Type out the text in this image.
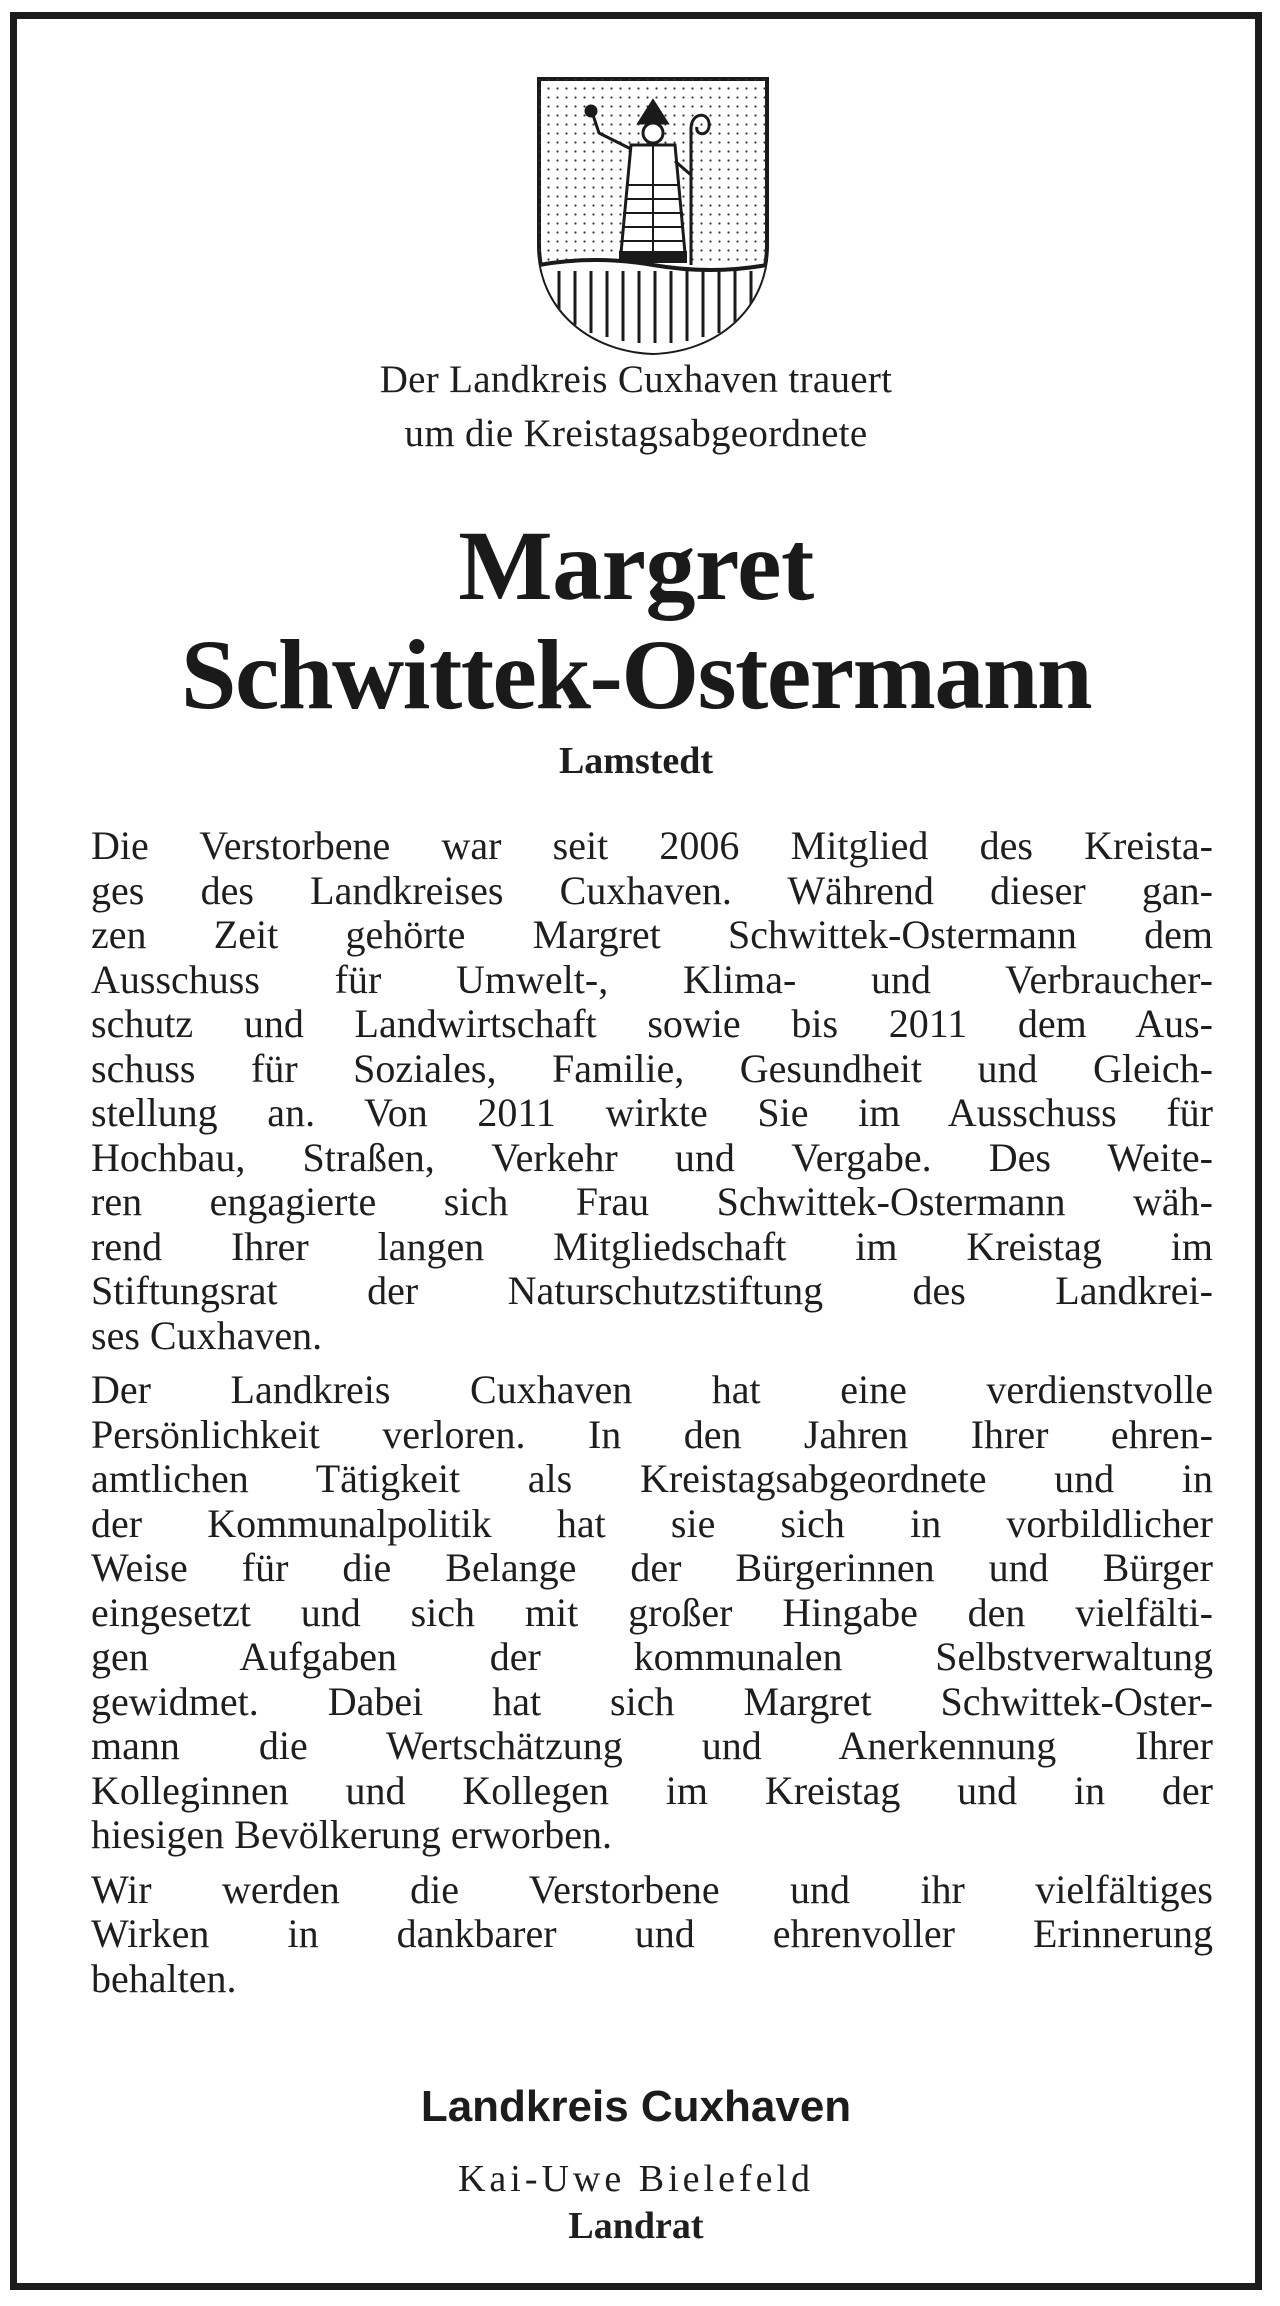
Der Landkreis Cuxhaven trauert
um die Kreistagsabgeordnete
Margret
Schwittek-Ostermann
Lamstedt
Die Verstorbene war seit 2006 Mitglied des Kreista-
ges des Landkreises Cuxhaven. Während dieser gan-
zen Zeit gehörte Margret Schwittek-Ostermann dem
Ausschuss für Umwelt-, Klima- und Verbraucher-
schutz und Landwirtschaft sowie bis 2011 dem Aus-
schuss für Soziales, Familie, Gesundheit und Gleich-
stellung an. Von 2011 wirkte Sie im Ausschuss für
Hochbau, Straßen, Verkehr und Vergabe. Des Weite-
ren engagierte sich Frau Schwittek-Ostermann wäh-
rend Ihrer langen Mitgliedschaft im Kreistag im
Stiftungsrat der Naturschutzstiftung des Landkrei-
ses Cuxhaven.
Der Landkreis Cuxhaven hat eine verdienstvolle
Persönlichkeit verloren. In den Jahren Ihrer ehren-
amtlichen Tätigkeit als Kreistagsabgeordnete und in
der Kommunalpolitik hat sie sich in vorbildlicher
Weise für die Belange der Bürgerinnen und Bürger
eingesetzt und sich mit großer Hingabe den vielfälti-
gen Aufgaben der kommunalen Selbstverwaltung
gewidmet. Dabei hat sich Margret Schwittek-Oster-
mann die Wertschätzung und Anerkennung Ihrer
Kolleginnen und Kollegen im Kreistag und in der
hiesigen Bevölkerung erworben.
Wir werden die Verstorbene und ihr vielfältiges
Wirken in dankbarer und ehrenvoller Erinnerung
behalten.
Landkreis Cuxhaven
Kai-Uwe Bielefeld
Landrat
